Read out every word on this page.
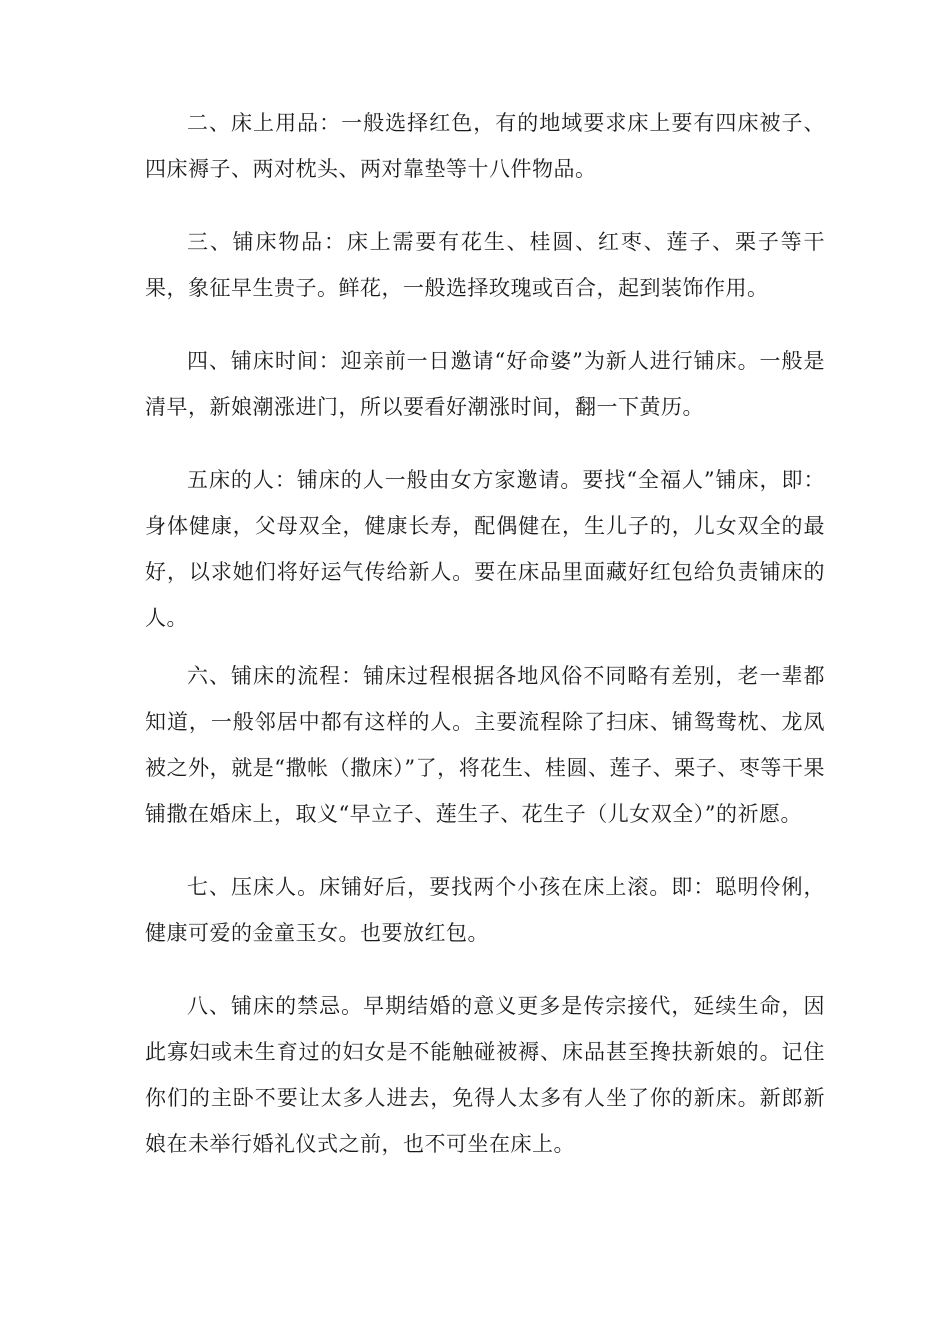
二、床上用品：一般选择红色，有的地域要求床上要有四床被子、四床褥子、两对枕头、两对靠垫等十八件物品。

三、铺床物品：床上需要有花生、桂圆、红枣、莲子、栗子等干果，象征早生贵子。鲜花，一般选择玫瑰或百合，起到装饰作用。

四、铺床时间：迎亲前一日邀请“好命婆”为新人进行铺床。一般是清早，新娘潮涨进门，所以要看好潮涨时间，翻一下黄历。

五床的人：铺床的人一般由女方家邀请。要找“全福人”铺床，即：身体健康，父母双全，健康长寿，配偶健在，生儿子的，儿女双全的最好，以求她们将好运气传给新人。要在床品里面藏好红包给负责铺床的人。

六、铺床的流程：铺床过程根据各地风俗不同略有差别，老一辈都知道，一般邻居中都有这样的人。主要流程除了扫床、铺鸳鸯枕、龙凤被之外，就是“撒帐（撒床）”了，将花生、桂圆、莲子、栗子、枣等干果铺撒在婚床上，取义“早立子、莲生子、花生子（儿女双全）”的祈愿。

七、压床人。床铺好后，要找两个小孩在床上滚。即：聪明伶俐，健康可爱的金童玉女。也要放红包。

八、铺床的禁忌。早期结婚的意义更多是传宗接代，延续生命，因此寡妇或未生育过的妇女是不能触碰被褥、床品甚至搀扶新娘的。记住你们的主卧不要让太多人进去，免得人太多有人坐了你的新床。新郎新娘在未举行婚礼仪式之前，也不可坐在床上。
